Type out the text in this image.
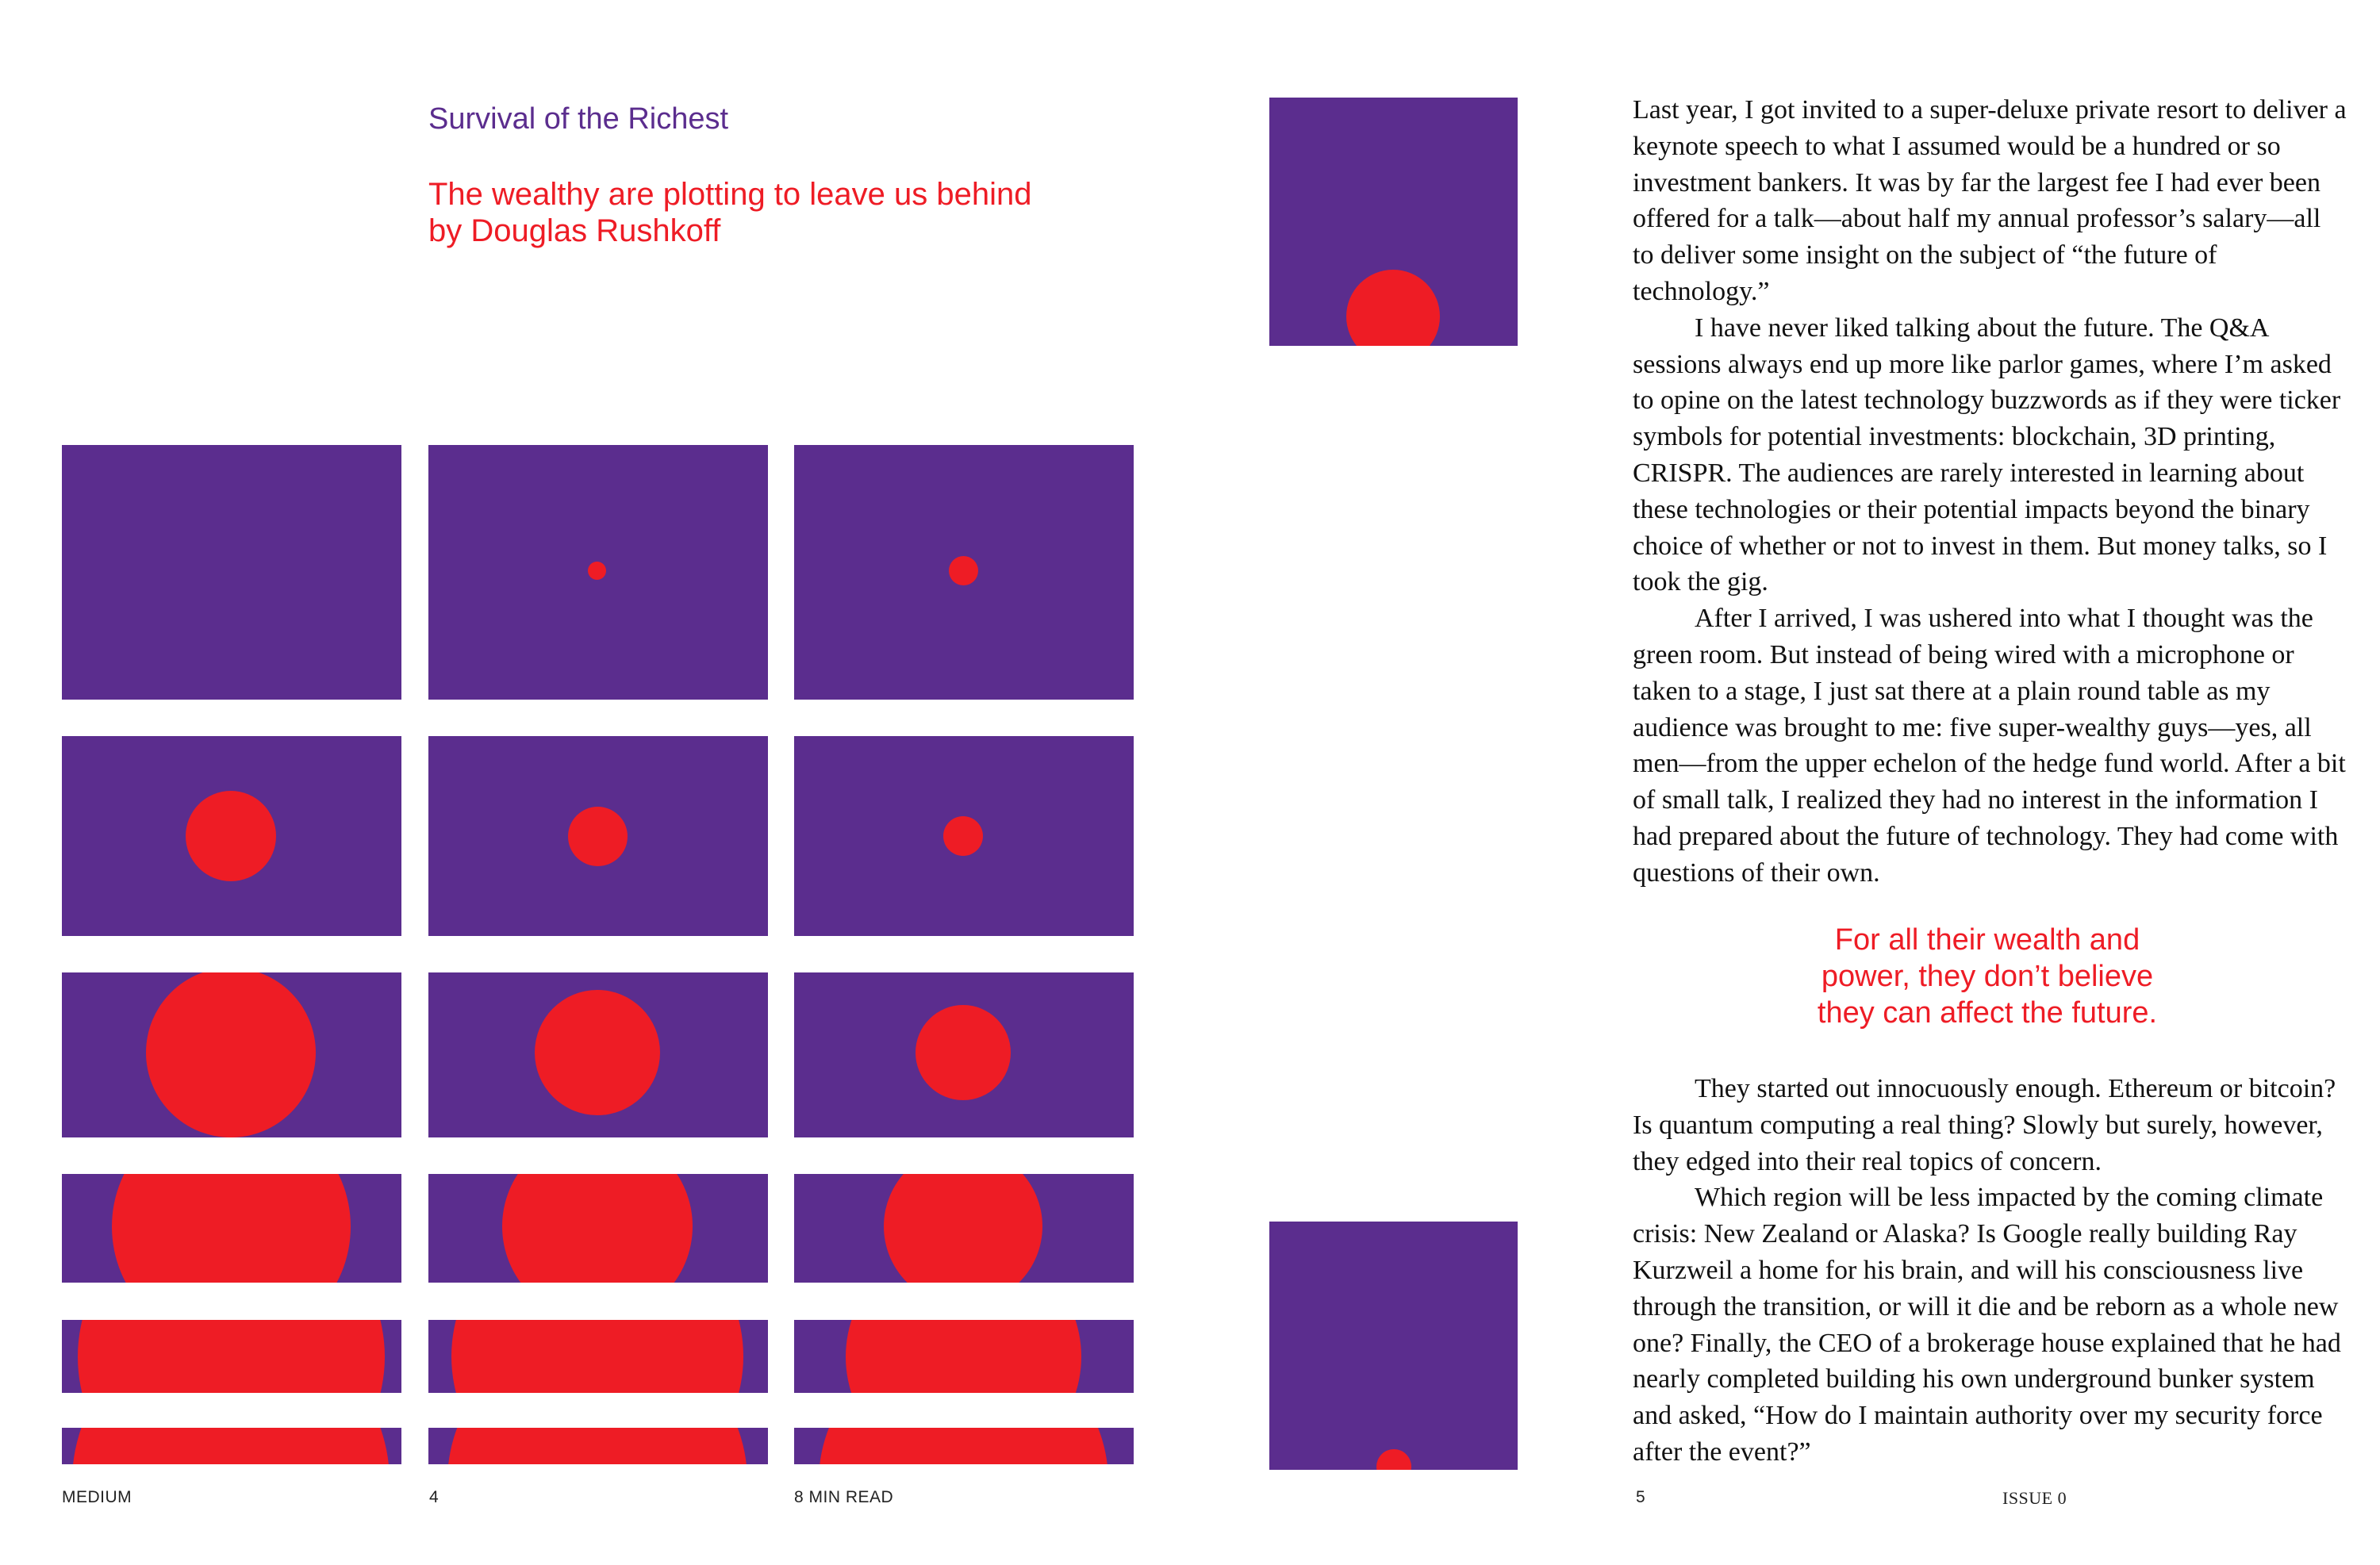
Survival of the Richest
The wealthy are plotting to leave us behind
by Douglas Rushkoff
MEDIUM	4	8 MIN READ

Last year, I got invited to a super-deluxe private resort to deliver a keynote speech to what I assumed would be a hundred or so investment bankers. It was by far the largest fee I had ever been offered for a talk—about half my annual professor’s salary—all to deliver some insight on the subject of “the future of technology.”

I have never liked talking about the future. The Q&A sessions always end up more like parlor games, where I’m asked to opine on the latest technology buzzwords as if they were ticker symbols for potential investments: blockchain, 3D printing, CRISPR. The audiences are rarely interested in learning about these technologies or their potential impacts beyond the binary choice of whether or not to invest in them. But money talks, so I took the gig.

After I arrived, I was ushered into what I thought was the green room. But instead of being wired with a microphone or taken to a stage, I just sat there at a plain round table as my audience was brought to me: five super-wealthy guys—yes, all men—from the upper echelon of the hedge fund world. After a bit of small talk, I realized they had no interest in the information I had prepared about the future of technology. They had come with questions of their own.

For all their wealth and
power, they don’t believe
they can affect the future.

They started out innocuously enough. Ethereum or bitcoin? Is quantum computing a real thing? Slowly but surely, however, they edged into their real topics of concern.

Which region will be less impacted by the coming climate crisis: New Zealand or Alaska? Is Google really building Ray Kurzweil a home for his brain, and will his consciousness live through the transition, or will it die and be reborn as a whole new one? Finally, the CEO of a brokerage house explained that he had nearly completed building his own underground bunker system and asked, “How do I maintain authority over my security force after the event?”

5	ISSUE 0
